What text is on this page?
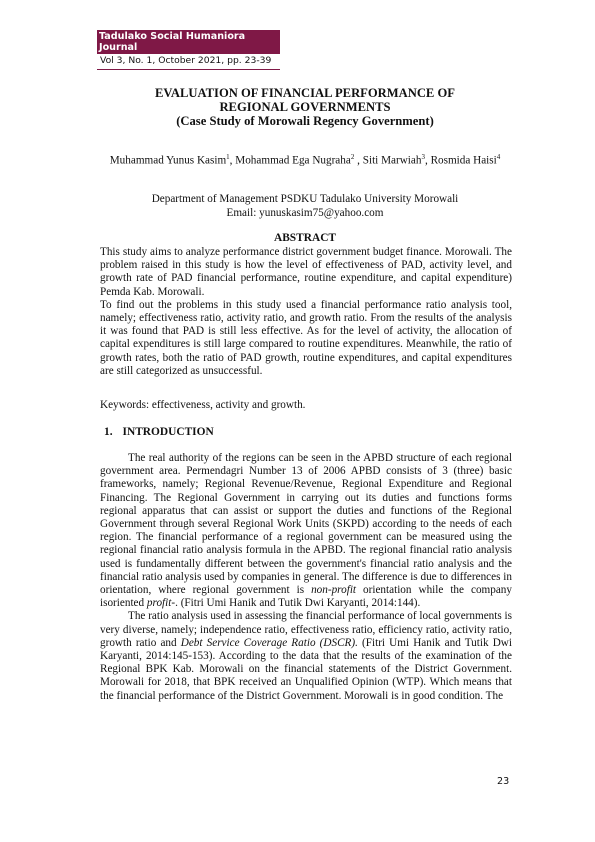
Tadulako Social Humaniora Journal
Vol 3, No. 1, October 2021, pp. 23-39
EVALUATION OF FINANCIAL PERFORMANCE OF
REGIONAL GOVERNMENTS
(Case Study of Morowali Regency Government)
Muhammad Yunus Kasim$^1$, Mohammad Ega Nugraha$^2$ , Siti Marwiah$^3$, Rosmida Haisi$^4$
Department of Management PSDKU Tadulako University Morowali
Email: yunuskasim75@yahoo.com
ABSTRACT

This study aims to analyze performance district government budget finance. Morowali. The problem raised in this study is how the level of effectiveness of PAD, activity level, and growth rate of PAD financial performance, routine expenditure, and capital expenditure) Pemda Kab. Morowali.

To find out the problems in this study used a financial performance ratio analysis tool, namely; effectiveness ratio, activity ratio, and growth ratio. From the results of the analysis it was found that PAD is still less effective. As for the level of activity, the allocation of capital expenditures is still large compared to routine expenditures. Meanwhile, the ratio of growth rates, both the ratio of PAD growth, routine expenditures, and capital expenditures are still categorized as unsuccessful.

Keywords: effectiveness, activity and growth.
1. INTRODUCTION

The real authority of the regions can be seen in the APBD structure of each regional government area. Permendagri Number 13 of 2006 APBD consists of 3 (three) basic frameworks, namely; Regional Revenue/Revenue, Regional Expenditure and Regional Financing. The Regional Government in carrying out its duties and functions forms regional apparatus that can assist or support the duties and functions of the Regional Government through several Regional Work Units (SKPD) according to the needs of each region. The financial performance of a regional government can be measured using the regional financial ratio analysis formula in the APBD. The regional financial ratio analysis used is fundamentally different between the government's financial ratio analysis and the financial ratio analysis used by companies in general. The difference is due to differences in orientation, where regional government is non-profit orientation while the company isoriented profit-. (Fitri Umi Hanik and Tutik Dwi Karyanti, 2014:144).

The ratio analysis used in assessing the financial performance of local governments is very diverse, namely; independence ratio, effectiveness ratio, efficiency ratio, activity ratio, growth ratio and Debt Service Coverage Ratio (DSCR). (Fitri Umi Hanik and Tutik Dwi Karyanti, 2014:145-153). According to the data that the results of the examination of the Regional BPK Kab. Morowali on the financial statements of the District Government. Morowali for 2018, that BPK received an Unqualified Opinion (WTP). Which means that the financial performance of the District Government. Morowali is in good condition. The

23
